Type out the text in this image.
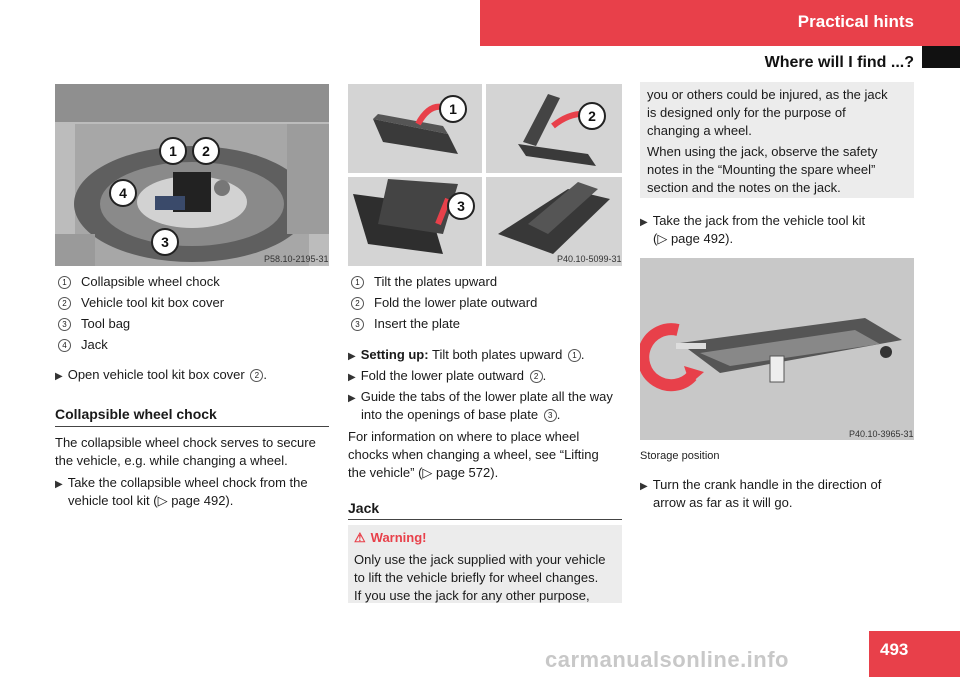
Practical hints
Where will I find ...?
1	2
4
3
P58.10-2195-31
1 Collapsible wheel chock
2 Vehicle tool kit box cover
3 Tool bag
4 Jack
▶ Open vehicle tool kit box cover 2 .
Collapsible wheel chock
The collapsible wheel chock serves to secure
the vehicle, e.g. while changing a wheel.
▶ Take the collapsible wheel chock from the
vehicle tool kit (▷ page 492).
1	2
3
P40.10-5099-31
1 Tilt the plates upward
2 Fold the lower plate outward
3 Insert the plate
▶ Setting up: Tilt both plates upward 1 .
▶ Fold the lower plate outward 2 .
▶ Guide the tabs of the lower plate all the way
into the openings of base plate 3 .
For information on where to place wheel
chocks when changing a wheel, see “Lifting
the vehicle” (▷ page 572).
Jack
⚠ Warning!
Only use the jack supplied with your vehicle
to lift the vehicle briefly for wheel changes.
If you use the jack for any other purpose,
you or others could be injured, as the jack
is designed only for the purpose of
changing a wheel.
When using the jack, observe the safety
notes in the “Mounting the spare wheel”
section and the notes on the jack.
▶ Take the jack from the vehicle tool kit
(▷ page 492).
P40.10-3965-31
Storage position
▶ Turn the crank handle in the direction of
arrow as far as it will go.
carmanualsonline.info	493
